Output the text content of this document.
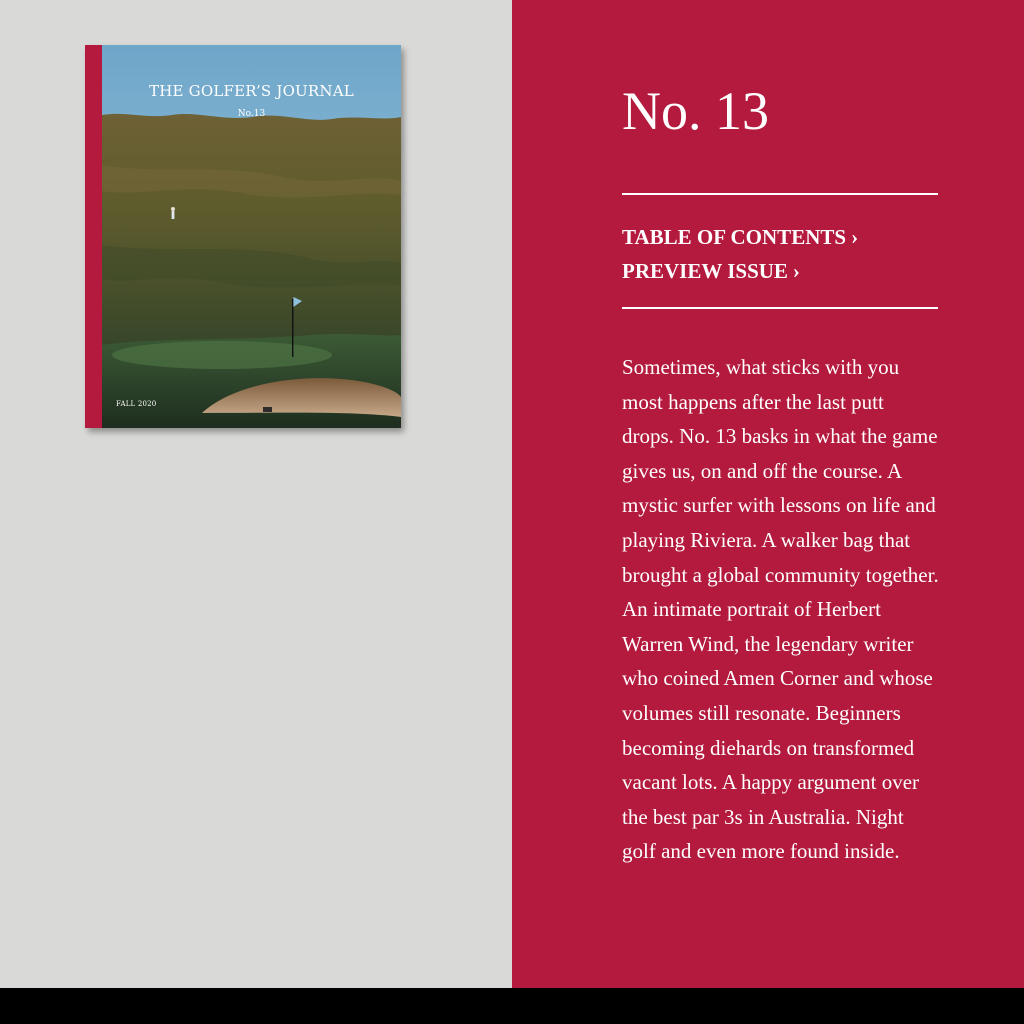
THE GOLFER’S JOURNAL
No.13
FALL 2020
No. 13
TABLE OF CONTENTS ›
PREVIEW ISSUE ›

Sometimes, what sticks with you most happens after the last putt drops. No. 13 basks in what the game gives us, on and off the course. A mystic surfer with lessons on life and playing Riviera. A walker bag that brought a global community together. An intimate portrait of Herbert Warren Wind, the legendary writer who coined Amen Corner and whose volumes still resonate. Beginners becoming diehards on transformed vacant lots. A happy argument over the best par 3s in Australia. Night golf and even more found inside.
